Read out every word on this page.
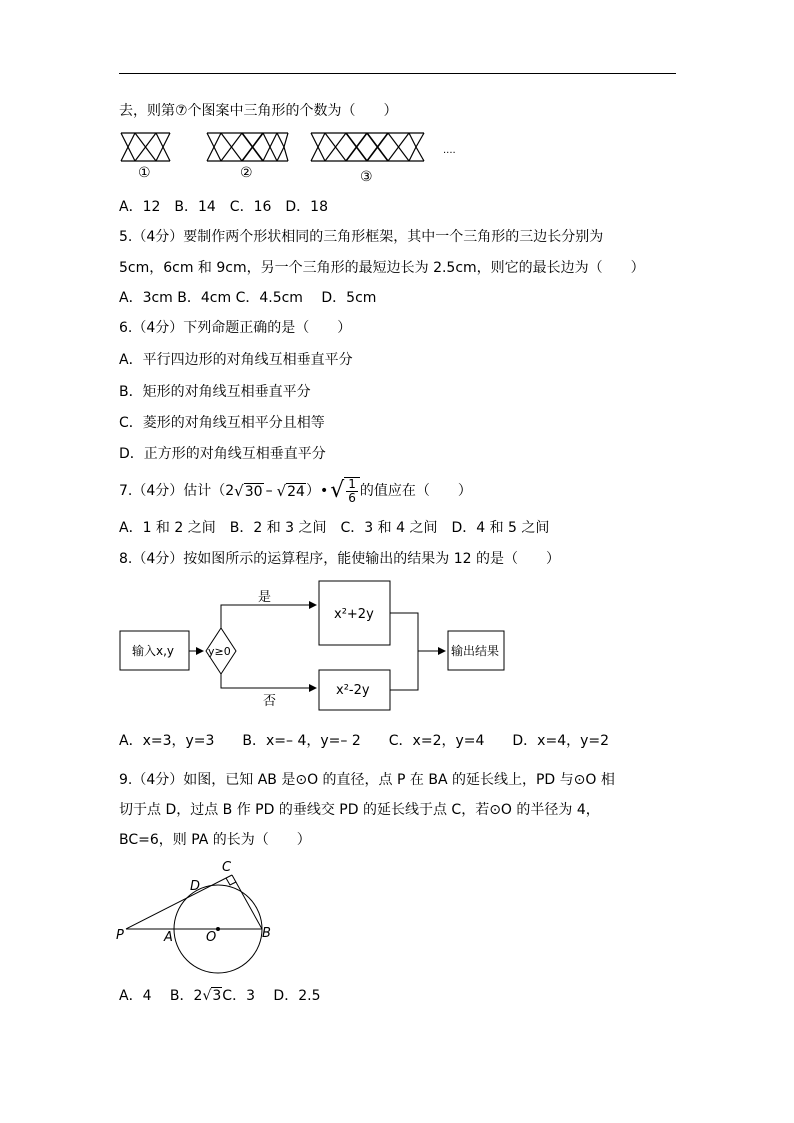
去，则第⑦个图案中三角形的个数为（　　）
①	②	③
....
A．12　B．14　C．16　D．18
5.（4分）要制作两个形状相同的三角形框架，其中一个三角形的三边长分别为
5cm，6cm 和 9cm，另一个三角形的最短边长为 2.5cm，则它的最长边为（　　）
A．3cm B．4cm C．4.5cm　 D．5cm
6.（4分）下列命题正确的是（　　）
A．平行四边形的对角线互相垂直平分
B．矩形的对角线互相垂直平分
C．菱形的对角线互相平分且相等
D．正方形的对角线互相垂直平分
7.（4分）估计（2 √30 – √24 ）• √ $\frac{1}{6}$ 的值应在（　　）
A．1 和 2 之间　B．2 和 3 之间　C．3 和 4 之间　D．4 和 5 之间
8.（4分）按如图所示的运算程序，能使输出的结果为 12 的是（　　）
输入x,y	y≥0
是
否
x²+2y
x²-2y
输出结果
A．x=3，y=3　　B．x=– 4，y=– 2　　C．x=2，y=4　　D．x=4，y=2
9.（4分）如图，已知 AB 是⊙O 的直径，点 P 在 BA 的延长线上，PD 与⊙O 相
切于点 D，过点 B 作 PD 的垂线交 PD 的延长线于点 C，若⊙O 的半径为 4，
BC=6，则 PA 的长为（　　）
P	A	O	B
C
D
A．4　 B．2 √3 C．3　 D．2.5
